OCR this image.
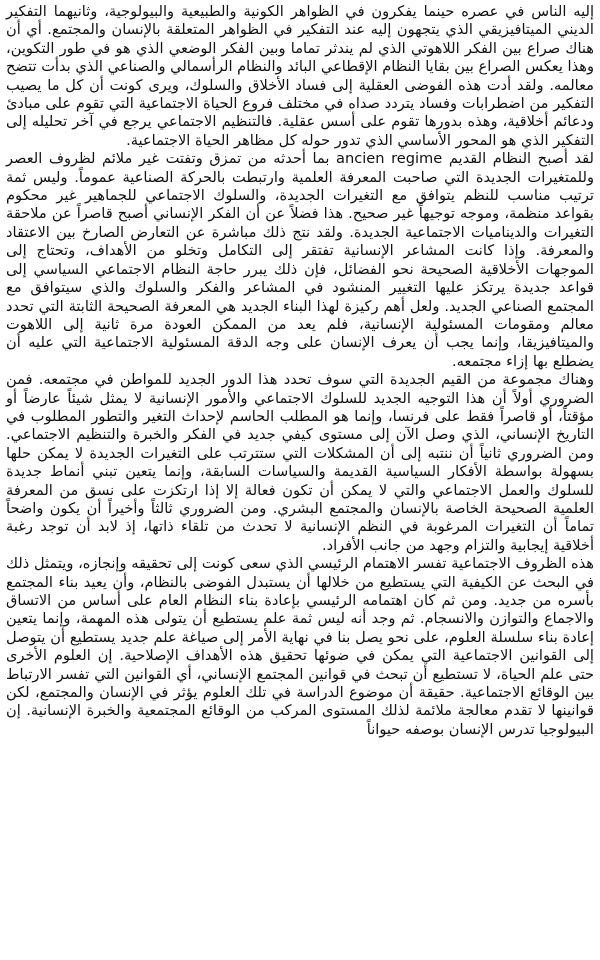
إليه الناس في عصره حينما يفكرون في الظواهر الكونية والطبيعية والبيولوجية، وثانيهما التفكير الديني الميتافيزيقي الذي يتجهون إليه عند التفكير في الظواهر المتعلقة بالإنسان والمجتمع. أي أن هناك صراع بين الفكر اللاهوتي الذي لم يندثر تماما وبين الفكر الوضعي الذي هو في طور التكوين، وهذا يعكس الصراع بين بقايا النظام الإقطاعي البائد والنظام الرأسمالي والصناعي الذي بدأت تتضح معالمه. ولقد أدت هذه الفوضى العقلية إلى فساد الأخلاق والسلوك، ويرى كونت أن كل ما يصيب التفكير من اضطرابات وفساد يتردد صداه في مختلف فروع الحياة الاجتماعية التي تقوم على مبادئ ودعائم أخلاقية، وهذه بدورها تقوم على أسس عقلية. فالتنظيم الاجتماعي يرجع في آخر تحليله إلى التفكير الذي هو المحور الأساسي الذي تدور حوله كل مظاهر الحياة الاجتماعية.

لقد أصبح النظام القديم ancien regime بما أحدثه من تمزق وتفتت غير ملائم لظروف العصر وللمتغيرات الجديدة التي صاحبت المعرفة العلمية وارتبطت بالحركة الصناعية عموماً. وليس ثمة ترتيب مناسب للنظم يتوافق مع التغيرات الجديدة، والسلوك الاجتماعي للجماهير غير محكوم بقواعد منظمة، وموجه توجيهاً غير صحيح. هذا فضلاً عن أن الفكر الإنساني أصبح قاصراً عن ملاحقة التغيرات والديناميات الاجتماعية الجديدة. ولقد نتج ذلك مباشرة عن التعارض الصارخ بين الاعتقاد والمعرفة. وإذا كانت المشاعر الإنسانية تفتقر إلى التكامل وتخلو من الأهداف، وتحتاج إلى الموجهات الأخلاقية الصحيحة نحو الفضائل، فإن ذلك يبرر حاجة النظام الاجتماعي السياسي إلى قواعد جديدة يرتكز عليها التغيير المنشود في المشاعر والفكر والسلوك والذي سيتوافق مع المجتمع الصناعي الجديد. ولعل أهم ركيزة لهذا البناء الجديد هي المعرفة الصحيحة الثابتة التي تحدد معالم ومقومات المسئولية الإنسانية، فلم يعد من الممكن العودة مرة ثانية إلى اللاهوت والميتافيزيقا، وإنما يجب أن يعرف الإنسان على وجه الدقة المسئولية الاجتماعية التي عليه أن يضطلع بها إزاء مجتمعه.

وهناك مجموعة من القيم الجديدة التي سوف تحدد هذا الدور الجديد للمواطن في مجتمعه. فمن الضروري أولاً أن هذا التوجيه الجديد للسلوك الاجتماعي والأمور الإنسانية لا يمثل شيئاً عارضاً أو مؤقتاً، أو قاصراً فقط على فرنسا، وإنما هو المطلب الحاسم لإحداث التغير والتطور المطلوب في التاريخ الإنساني، الذي وصل الآن إلى مستوى كيفي جديد في الفكر والخبرة والتنظيم الاجتماعي. ومن الضروري ثانياً أن ننتبه إلى أن المشكلات التي ستترتب على التغيرات الجديدة لا يمكن حلها بسهولة بواسطة الأفكار السياسية القديمة والسياسات السابقة، وإنما يتعين تبني أنماط جديدة للسلوك والعمل الاجتماعي والتي لا يمكن أن تكون فعالة إلا إذا ارتكزت على نسق من المعرفة العلمية الصحيحة الخاصة بالإنسان والمجتمع البشري. ومن الضروري ثالثاً وأخيراً أن يكون واضحاً تماماً أن التغيرات المرغوبة في النظم الإنسانية لا تحدث من تلقاء ذاتها، إذ لابد أن توجد رغبة أخلاقية إيجابية والتزام وجهد من جانب الأفراد.

هذه الظروف الاجتماعية تفسر الاهتمام الرئيسي الذي سعى كونت إلى تحقيقه وإنجازه، ويتمثل ذلك في البحث عن الكيفية التي يستطيع من خلالها أن يستبدل الفوضى بالنظام، وأن يعيد بناء المجتمع بأسره من جديد. ومن ثم كان اهتمامه الرئيسي بإعادة بناء النظام العام على أساس من الاتساق والاجماع والتوازن والانسجام. ثم وجد أنه ليس ثمة علم يستطيع أن يتولى هذه المهمة، وإنما يتعين إعادة بناء سلسلة العلوم، على نحو يصل بنا في نهاية الأمر إلى صياغة علم جديد يستطيع أن يتوصل إلى القوانين الاجتماعية التي يمكن في ضوئها تحقيق هذه الأهداف الإصلاحية. إن العلوم الأخرى حتى علم الحياة، لا تستطيع أن تبحث في قوانين المجتمع الإنساني، أي القوانين التي تفسر الارتباط بين الوقائع الاجتماعية. حقيقة أن موضوع الدراسة في تلك العلوم يؤثر في الإنسان والمجتمع، لكن قوانينها لا تقدم معالجة ملائمة لذلك المستوى المركب من الوقائع المجتمعية والخبرة الإنسانية. إن البيولوجيا تدرس الإنسان بوصفه حيواناً
